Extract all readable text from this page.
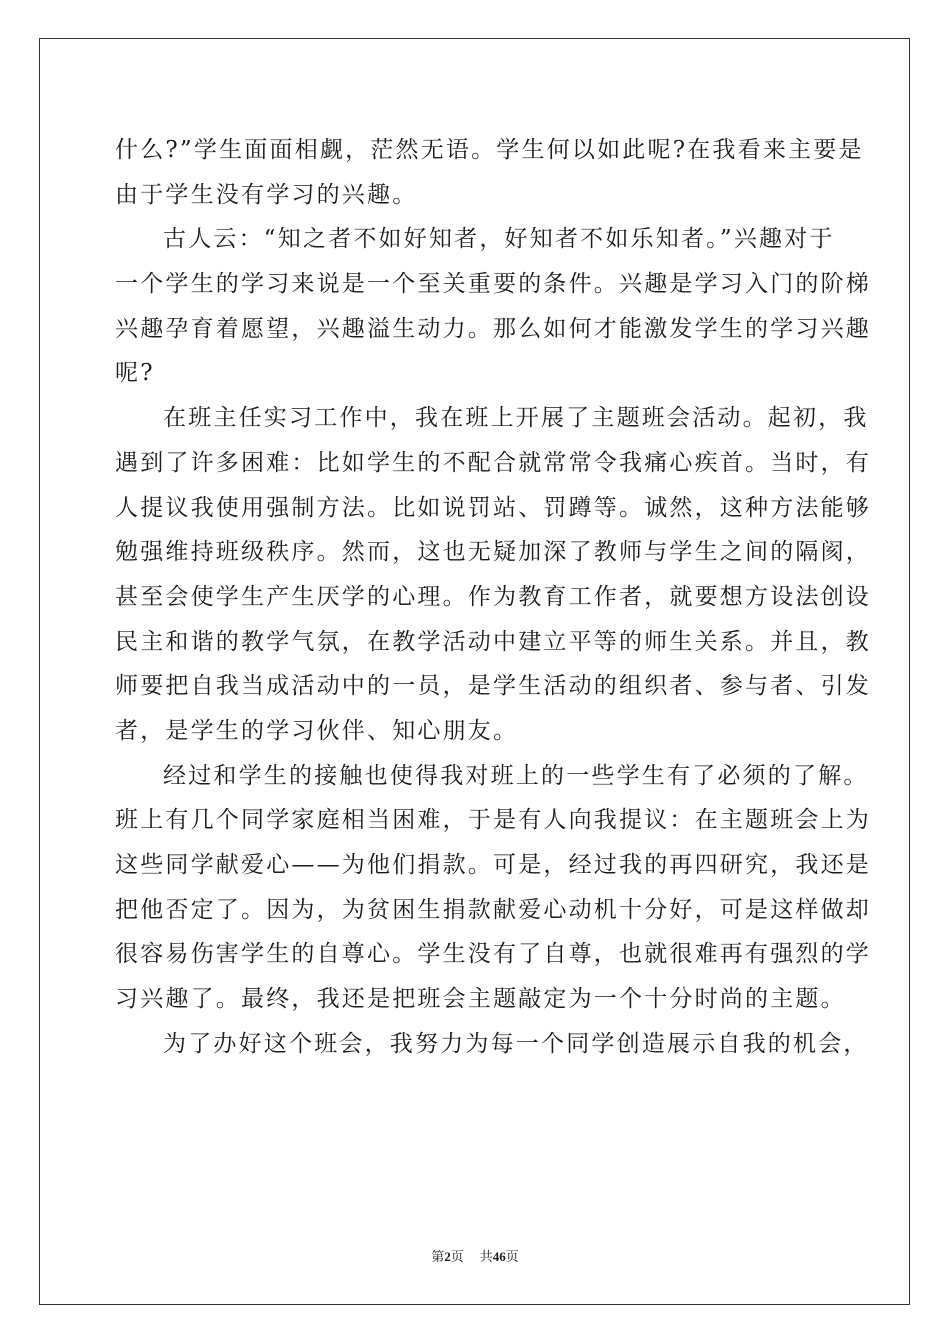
什么?”学生面面相觑，茫然无语。学生何以如此呢?在我看来主要是
由于学生没有学习的兴趣。
古人云：“知之者不如好知者，好知者不如乐知者。”兴趣对于
一个学生的学习来说是一个至关重要的条件。兴趣是学习入门的阶梯
兴趣孕育着愿望，兴趣溢生动力。那么如何才能激发学生的学习兴趣
呢?
在班主任实习工作中，我在班上开展了主题班会活动。起初，我
遇到了许多困难：比如学生的不配合就常常令我痛心疾首。当时，有
人提议我使用强制方法。比如说罚站、罚蹲等。诚然，这种方法能够
勉强维持班级秩序。然而，这也无疑加深了教师与学生之间的隔阂，
甚至会使学生产生厌学的心理。作为教育工作者，就要想方设法创设
民主和谐的教学气氛，在教学活动中建立平等的师生关系。并且，教
师要把自我当成活动中的一员，是学生活动的组织者、参与者、引发
者，是学生的学习伙伴、知心朋友。
经过和学生的接触也使得我对班上的一些学生有了必须的了解。
班上有几个同学家庭相当困难，于是有人向我提议：在主题班会上为
这些同学献爱心——为他们捐款。可是，经过我的再四研究，我还是
把他否定了。因为，为贫困生捐款献爱心动机十分好，可是这样做却
很容易伤害学生的自尊心。学生没有了自尊，也就很难再有强烈的学
习兴趣了。最终，我还是把班会主题敲定为一个十分时尚的主题。
为了办好这个班会，我努力为每一个同学创造展示自我的机会，
第2页 共46页
